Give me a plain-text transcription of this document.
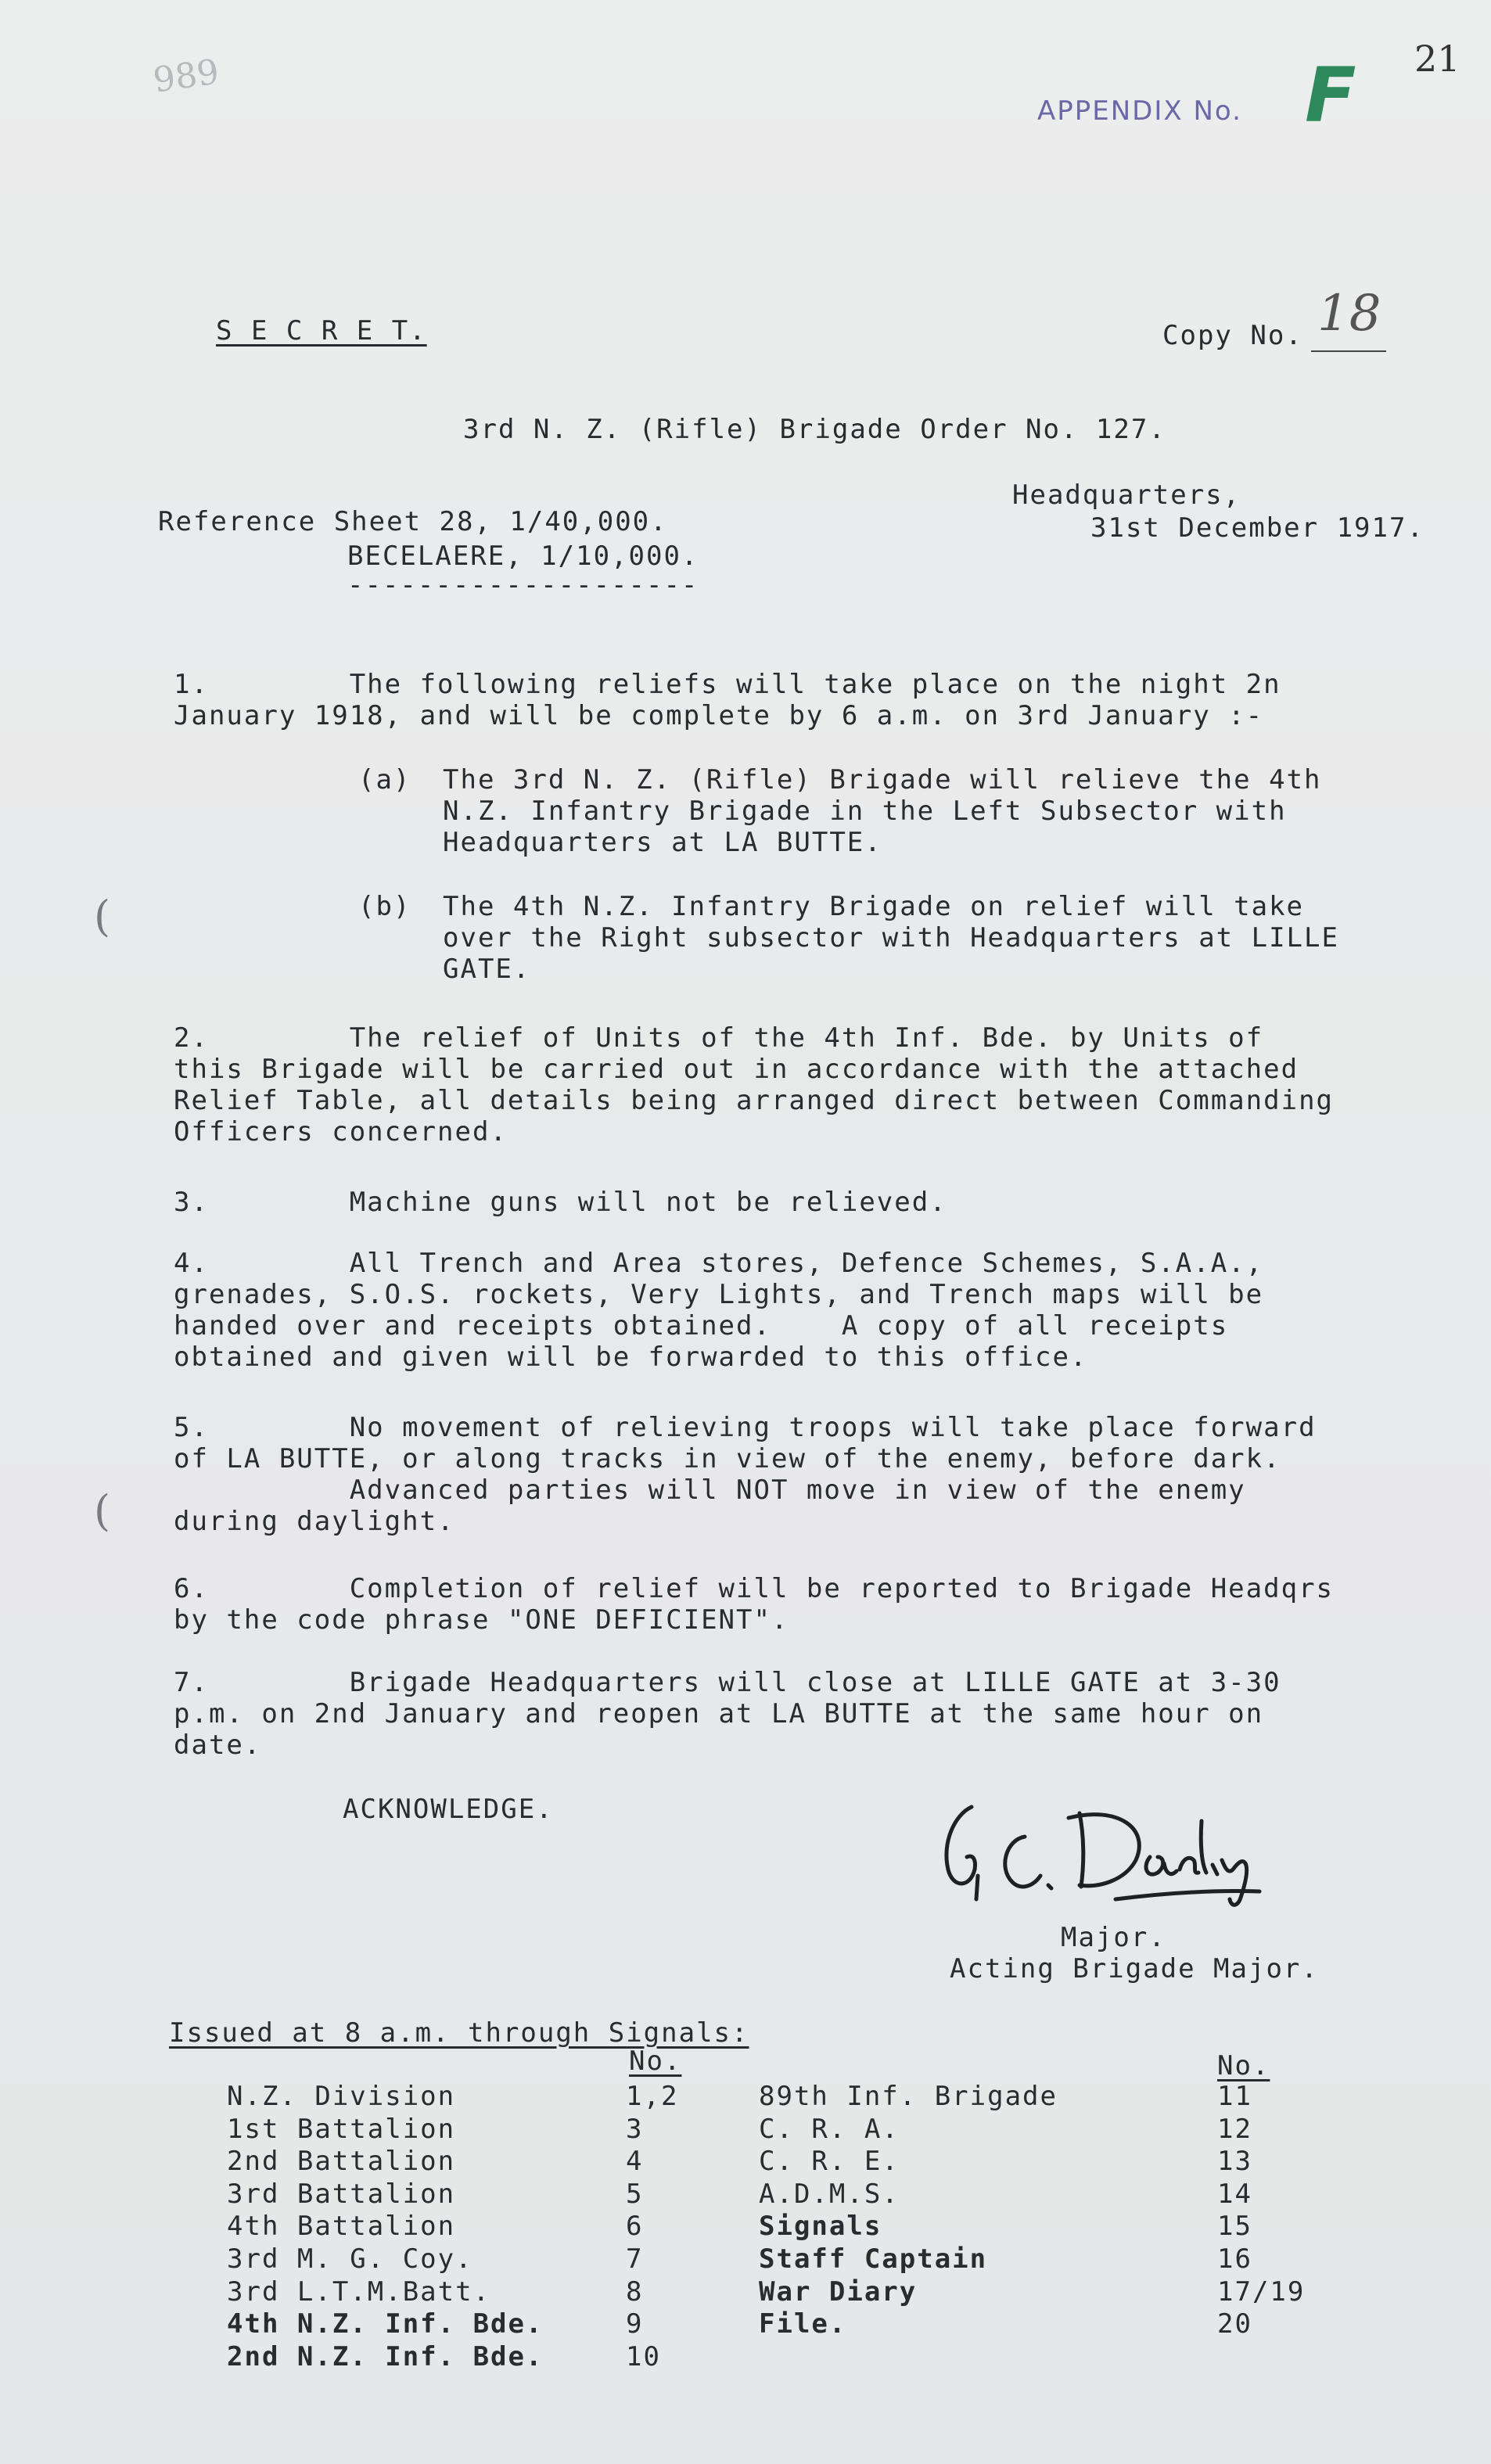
989	21
APPENDIX No. F
S E C R E T.	Copy No. 18
3rd N. Z. (Rifle) Brigade Order No. 127.
Headquarters,
31st December 1917.
Reference Sheet 28, 1/40,000.
BECELAERE, 1/10,000.
--------------------
1.        The following reliefs will take place on the night 2n
January 1918, and will be complete by 6 a.m. on 3rd January :-
(a) The 3rd N. Z. (Rifle) Brigade will relieve the 4th
N.Z. Infantry Brigade in the Left Subsector with
Headquarters at LA BUTTE.
(	(b) The 4th N.Z. Infantry Brigade on relief will take
over the Right subsector with Headquarters at LILLE
GATE.
2.        The relief of Units of the 4th Inf. Bde. by Units of
this Brigade will be carried out in accordance with the attached
Relief Table, all details being arranged direct between Commanding
Officers concerned.
3.        Machine guns will not be relieved.
4.        All Trench and Area stores, Defence Schemes, S.A.A.,
grenades, S.O.S. rockets, Very Lights, and Trench maps will be
handed over and receipts obtained.    A copy of all receipts
obtained and given will be forwarded to this office.
5.        No movement of relieving troops will take place forward
of LA BUTTE, or along tracks in view of the enemy, before dark.
Advanced parties will NOT move in view of the enemy
during daylight.
(
6.        Completion of relief will be reported to Brigade Headqrs
by the code phrase "ONE DEFICIENT".
7.        Brigade Headquarters will close at LILLE GATE at 3-30
p.m. on 2nd January and reopen at LA BUTTE at the same hour on
date.
ACKNOWLEDGE.

Major.
Acting Brigade Major.
Issued at 8 a.m. through Signals:
No.	No.
N.Z. Division	1,2
1st Battalion	3
2nd Battalion	4
3rd Battalion	5
4th Battalion	6
3rd M. G. Coy.	7
3rd L.T.M.Batt.	8
4th N.Z. Inf. Bde.	9
2nd N.Z. Inf. Bde.	10
89th Inf. Brigade	11
C. R. A.	12
C. R. E.	13
A.D.M.S.	14
Signals	15
Staff Captain	16
War Diary	17/19
File.	20
